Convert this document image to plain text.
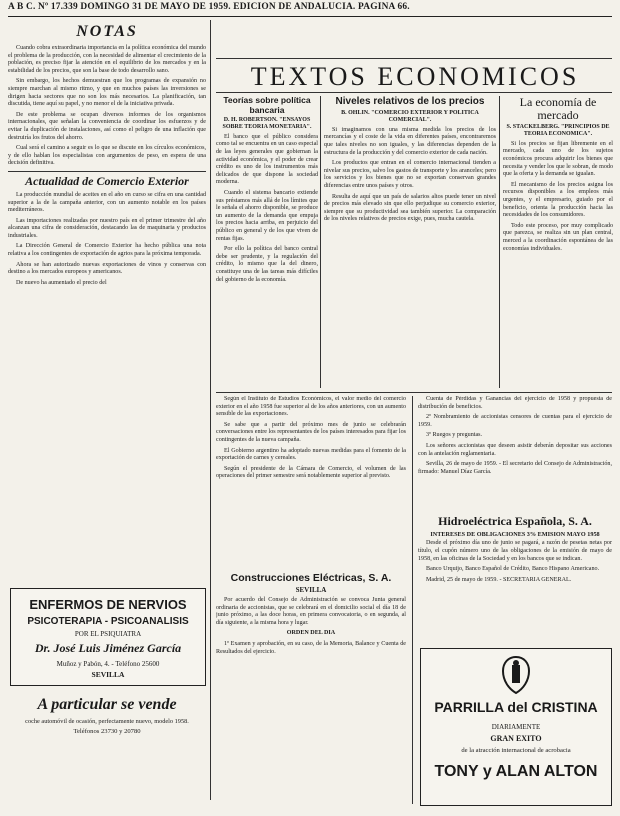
A B C. Nº 17.339 DOMINGO 31 DE MAYO DE 1959. EDICION DE ANDALUCIA. PAGINA 66.
NOTAS

Cuando cobra extraordinaria importancia en la política económica del mundo el problema de la producción, con la necesidad de alimentar el crecimiento de la población, es preciso fijar la atención en el equilibrio de los mercados y en la estabilidad de los precios, que son la base de todo desarrollo sano.

Sin embargo, los hechos demuestran que los programas de expansión no siempre marchan al mismo ritmo, y que en muchos países las inversiones se dirigen hacia sectores que no son los más necesarios. La planificación, tan discutida, tiene aquí su papel, y no menor el de la iniciativa privada.

De este problema se ocupan diversos informes de los organismos internacionales, que señalan la conveniencia de coordinar los esfuerzos y de evitar la duplicación de instalaciones, así como el peligro de una inflación que destruiría los frutos del ahorro.

Cual será el camino a seguir es lo que se discute en los círculos económicos, y de ello hablan los especialistas con argumentos de peso, en espera de una decisión definitiva.

Actualidad de Comercio Exterior

La producción mundial de aceites en el año en curso se cifra en una cantidad superior a la de la campaña anterior, con un aumento notable en los países mediterráneos.

Las importaciones realizadas por nuestro país en el primer trimestre del año alcanzan una cifra de consideración, destacando las de maquinaria y productos industriales.

La Dirección General de Comercio Exterior ha hecho pública una nota relativa a los contingentes de exportación de agrios para la próxima temporada.

Ahora se han autorizado nuevas exportaciones de vinos y conservas con destino a los mercados europeos y americanos.

De nuevo ha aumentado el precio del

ENFERMOS DE NERVIOS
PSICOTERAPIA - PSICOANALISIS
POR EL PSIQUIATRA
Dr. José Luis Jiménez García
Muñoz y Pabón, 4. - Teléfono 25600
SEVILLA
A particular se vende
coche automóvil de ocasión, perfectamente nuevo, modelo 1958.
Teléfonos 23730 y 20780
TEXTOS ECONOMICOS
Teorías sobre política bancaria
D. H. ROBERTSON. "ENSAYOS SOBRE TEORIA MONETARIA".

El banco que el público considera como tal se encuentra en un caso especial de las leyes generales que gobiernan la actividad económica, y el poder de crear crédito es uno de los instrumentos más delicados de que dispone la sociedad moderna.

Cuando el sistema bancario extiende sus préstamos más allá de los límites que le señala el ahorro disponible, se produce un aumento de la demanda que empuja los precios hacia arriba, en perjuicio del público en general y de los que viven de rentas fijas.

Por ello la política del banco central debe ser prudente, y la regulación del crédito, lo mismo que la del dinero, constituye una de las tareas más difíciles del gobierno de la economía.

Niveles relativos de los precios
B. OHLIN. "COMERCIO EXTERIOR Y POLITICA COMERCIAL".

Si imaginamos con una misma medida los precios de los mercancías y el coste de la vida en diferentes países, encontraremos que tales niveles no son iguales, y las diferencias dependen de la estructura de la producción y del comercio exterior de cada nación.

Los productos que entran en el comercio internacional tienden a nivelar sus precios, salvo los gastos de transporte y los aranceles; pero los servicios y los bienes que no se exportan conservan grandes diferencias entre unos países y otros.

Resulta de aquí que un país de salarios altos puede tener un nivel de precios más elevado sin que ello perjudique su comercio exterior, siempre que su productividad sea también superior. La comparación de los niveles relativos de precios exige, pues, mucha cautela.

La economía de mercado
S. STACKELBERG. "PRINCIPIOS DE TEORIA ECONOMICA".

Si los precios se fijan libremente en el mercado, cada uno de los sujetos económicos procura adquirir los bienes que necesita y vender los que le sobran, de modo que la oferta y la demanda se igualan.

El mecanismo de los precios asigna los recursos disponibles a los empleos más urgentes, y el empresario, guiado por el beneficio, orienta la producción hacia las necesidades de los consumidores.

Todo este proceso, por muy complicado que parezca, se realiza sin un plan central, merced a la coordinación espontánea de las economías individuales.

Según el Instituto de Estudios Económicos, el valor medio del comercio exterior en el año 1958 fue superior al de los años anteriores, con un aumento sensible de las exportaciones.

Se sabe que a partir del próximo mes de junio se celebrarán conversaciones entre los representantes de los países interesados para fijar los contingentes de la nueva campaña.

El Gobierno argentino ha adoptado nuevas medidas para el fomento de la exportación de carnes y cereales.

Según el presidente de la Cámara de Comercio, el volumen de las operaciones del primer semestre será notablemente superior al previsto.

Construcciones Eléctricas, S. A.
SEVILLA

Por acuerdo del Consejo de Administración se convoca Junta general ordinaria de accionistas, que se celebrará en el domicilio social el día 18 de junio próximo, a las doce horas, en primera convocatoria, o en segunda, al día siguiente, a la misma hora y lugar.

ORDEN DEL DIA

1º Examen y aprobación, en su caso, de la Memoria, Balance y Cuenta de Resultados del ejercicio.

Cuenta de Pérdidas y Ganancias del ejercicio de 1958 y propuesta de distribución de beneficios.

2º Nombramiento de accionistas censores de cuentas para el ejercicio de 1959.

3º Ruegos y preguntas.

Los señores accionistas que deseen asistir deberán depositar sus acciones con la antelación reglamentaria.

Sevilla, 26 de mayo de 1959. - El secretario del Consejo de Administración, firmado: Manuel Díaz García.

Hidroeléctrica Española, S. A.
INTERESES DE OBLIGACIONES 3% EMISION MAYO 1958

Desde el próximo día uno de junio se pagará, a razón de pesetas netas por título, el cupón número uno de las obligaciones de la emisión de mayo de 1958, en las oficinas de la Sociedad y en los bancos que se indican.

Banco Urquijo, Banco Español de Crédito, Banco Hispano Americano.

Madrid, 25 de mayo de 1959. - SECRETARIA GENERAL.

PARRILLA del CRISTINA
DIARIAMENTE
GRAN EXITO
de la atracción internacional de acrobacia
TONY y ALAN ALTON
